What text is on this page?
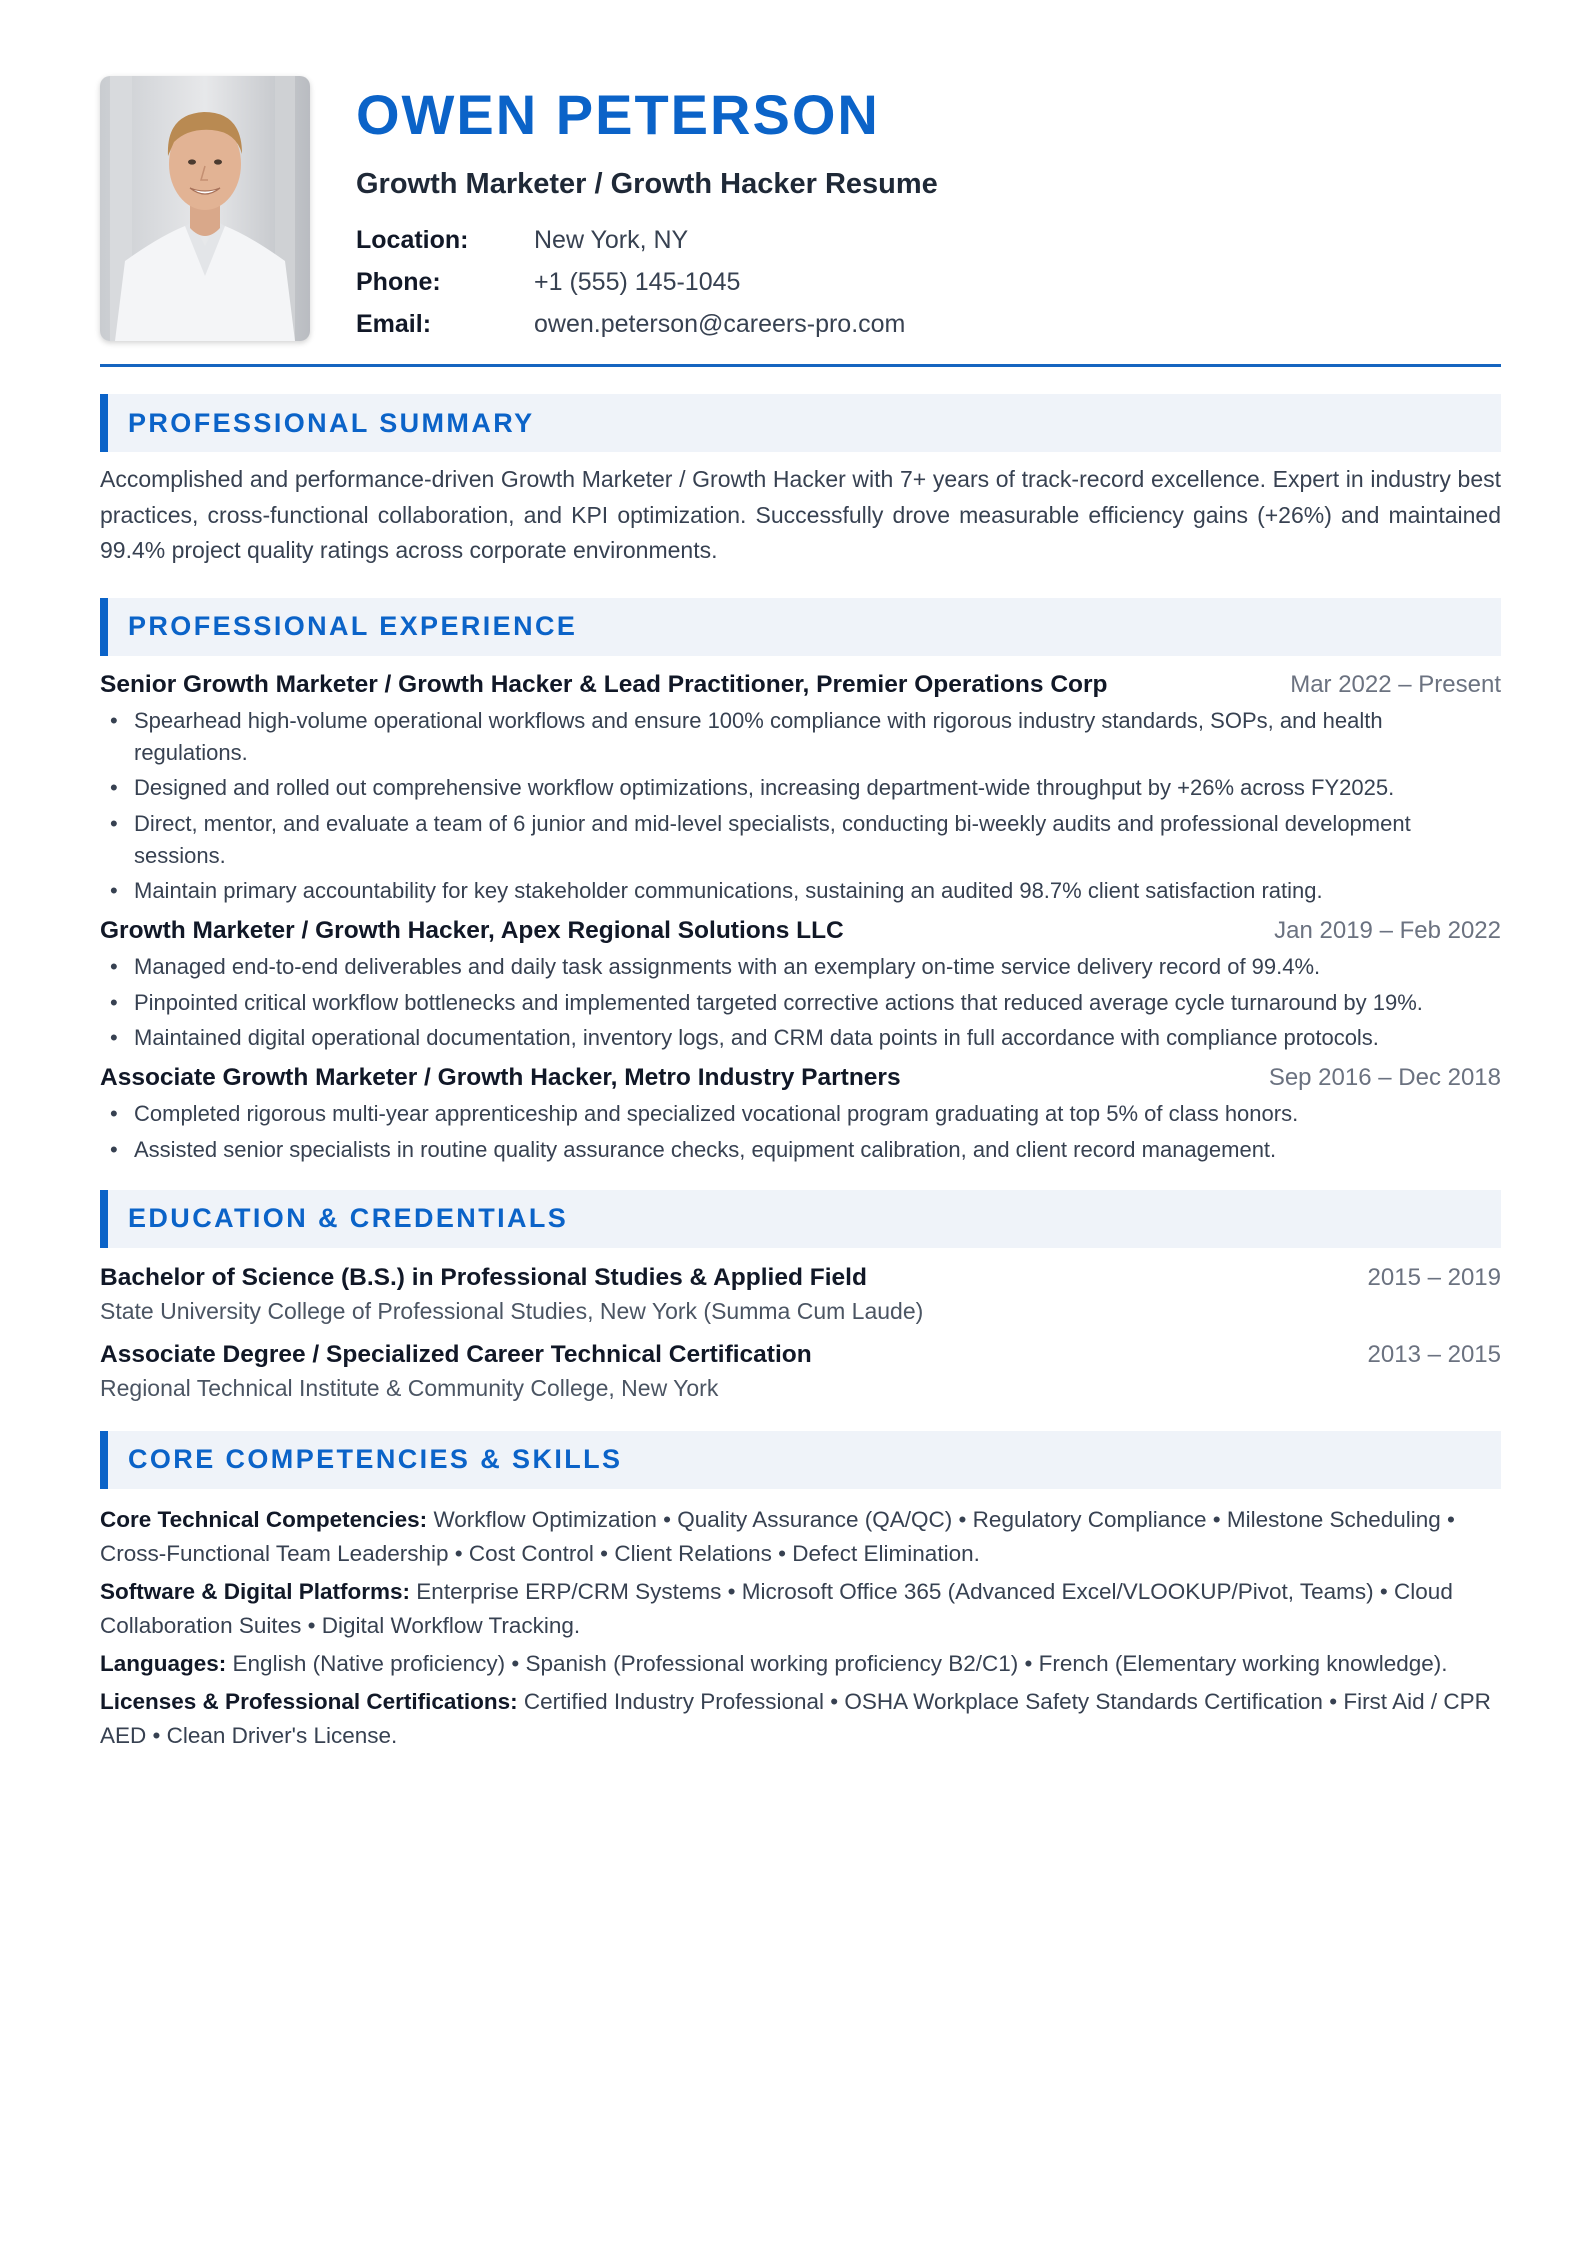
OWEN PETERSON
Growth Marketer / Growth Hacker Resume
Location:	New York, NY
Phone:	+1 (555) 145-1045
Email:	owen.peterson@careers-pro.com
PROFESSIONAL SUMMARY

Accomplished and performance-driven Growth Marketer / Growth Hacker with 7+ years of track-record excellence. Expert in industry best practices, cross-functional collaboration, and KPI optimization. Successfully drove measurable efficiency gains (+26%) and maintained 99.4% project quality ratings across corporate environments.

PROFESSIONAL EXPERIENCE
Senior Growth Marketer / Growth Hacker & Lead Practitioner, Premier Operations Corp	Mar 2022 – Present
• Spearhead high-volume operational workflows and ensure 100% compliance with rigorous industry standards, SOPs, and health regulations.
• Designed and rolled out comprehensive workflow optimizations, increasing department-wide throughput by +26% across FY2025.
• Direct, mentor, and evaluate a team of 6 junior and mid-level specialists, conducting bi-weekly audits and professional development sessions.
• Maintain primary accountability for key stakeholder communications, sustaining an audited 98.7% client satisfaction rating.
Growth Marketer / Growth Hacker, Apex Regional Solutions LLC	Jan 2019 – Feb 2022
• Managed end-to-end deliverables and daily task assignments with an exemplary on-time service delivery record of 99.4%.
• Pinpointed critical workflow bottlenecks and implemented targeted corrective actions that reduced average cycle turnaround by 19%.
• Maintained digital operational documentation, inventory logs, and CRM data points in full accordance with compliance protocols.
Associate Growth Marketer / Growth Hacker, Metro Industry Partners	Sep 2016 – Dec 2018
• Completed rigorous multi-year apprenticeship and specialized vocational program graduating at top 5% of class honors.
• Assisted senior specialists in routine quality assurance checks, equipment calibration, and client record management.
EDUCATION & CREDENTIALS
Bachelor of Science (B.S.) in Professional Studies & Applied Field	2015 – 2019
State University College of Professional Studies, New York (Summa Cum Laude)
Associate Degree / Specialized Career Technical Certification	2013 – 2015
Regional Technical Institute & Community College, New York
CORE COMPETENCIES & SKILLS

Core Technical Competencies: Workflow Optimization • Quality Assurance (QA/QC) • Regulatory Compliance • Milestone Scheduling • Cross-Functional Team Leadership • Cost Control • Client Relations • Defect Elimination.

Software & Digital Platforms: Enterprise ERP/CRM Systems • Microsoft Office 365 (Advanced Excel/VLOOKUP/Pivot, Teams) • Cloud Collaboration Suites • Digital Workflow Tracking.

Languages: English (Native proficiency) • Spanish (Professional working proficiency B2/C1) • French (Elementary working knowledge).

Licenses & Professional Certifications: Certified Industry Professional • OSHA Workplace Safety Standards Certification • First Aid / CPR AED • Clean Driver's License.
